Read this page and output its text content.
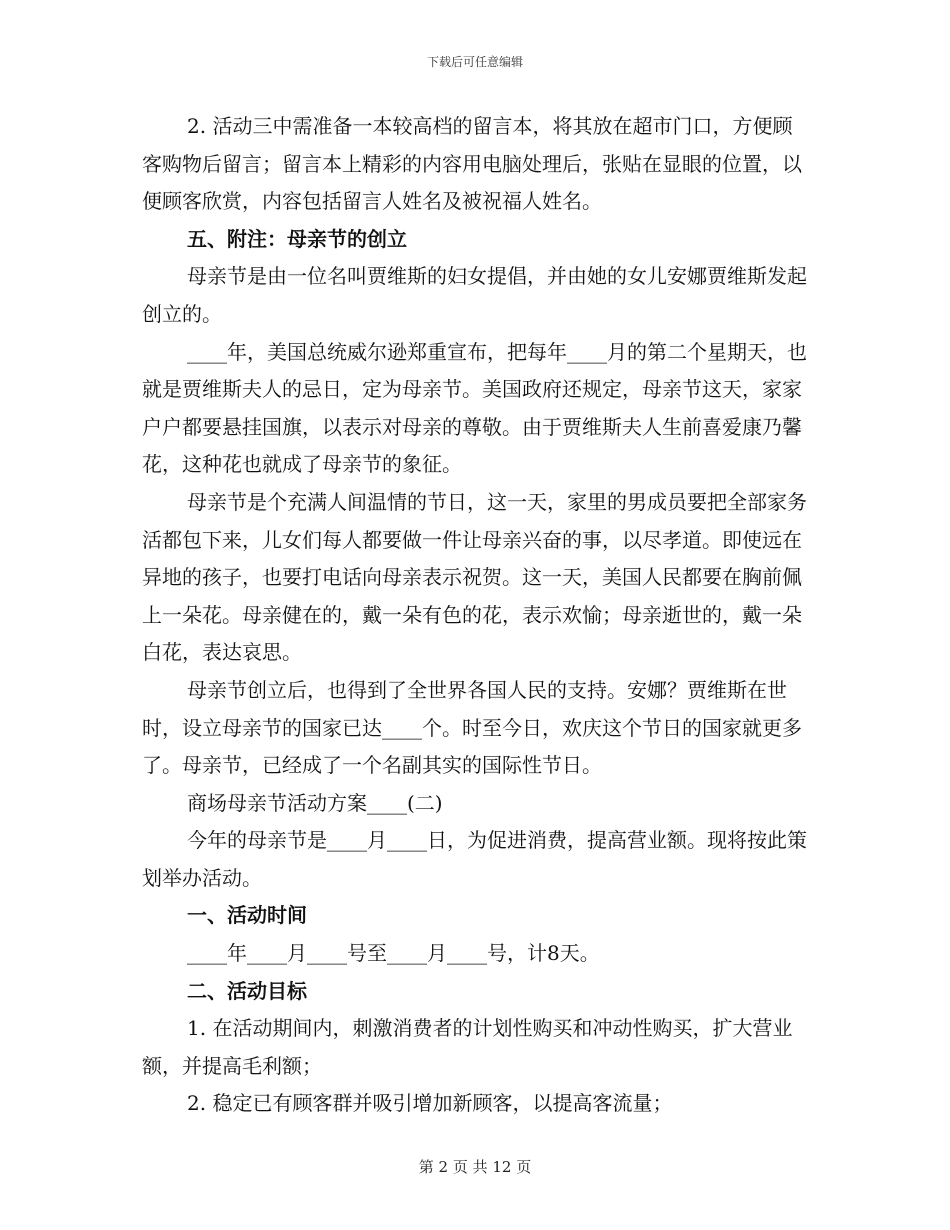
下载后可任意编辑

2. 活动三中需准备一本较高档的留言本，将其放在超市门口，方便顾客购物后留言；留言本上精彩的内容用电脑处理后，张贴在显眼的位置，以便顾客欣赏，内容包括留言人姓名及被祝福人姓名。

五、附注：母亲节的创立

母亲节是由一位名叫贾维斯的妇女提倡，并由她的女儿安娜贾维斯发起创立的。

____年，美国总统威尔逊郑重宣布，把每年____月的第二个星期天，也就是贾维斯夫人的忌日，定为母亲节。美国政府还规定，母亲节这天，家家户户都要悬挂国旗，以表示对母亲的尊敬。由于贾维斯夫人生前喜爱康乃馨花，这种花也就成了母亲节的象征。

母亲节是个充满人间温情的节日，这一天，家里的男成员要把全部家务活都包下来，儿女们每人都要做一件让母亲兴奋的事，以尽孝道。即使远在异地的孩子，也要打电话向母亲表示祝贺。这一天，美国人民都要在胸前佩上一朵花。母亲健在的，戴一朵有色的花，表示欢愉；母亲逝世的，戴一朵白花，表达哀思。

母亲节创立后，也得到了全世界各国人民的支持。安娜？贾维斯在世时，设立母亲节的国家已达____个。时至今日，欢庆这个节日的国家就更多了。母亲节，已经成了一个名副其实的国际性节日。

商场母亲节活动方案____(二)

今年的母亲节是____月____日，为促进消费，提高营业额。现将按此策划举办活动。

一、活动时间

____年____月____号至____月____号，计8天。

二、活动目标

1. 在活动期间内，刺激消费者的计划性购买和冲动性购买，扩大营业额，并提高毛利额；

2. 稳定已有顾客群并吸引增加新顾客，以提高客流量；

第 2 页 共 12 页
